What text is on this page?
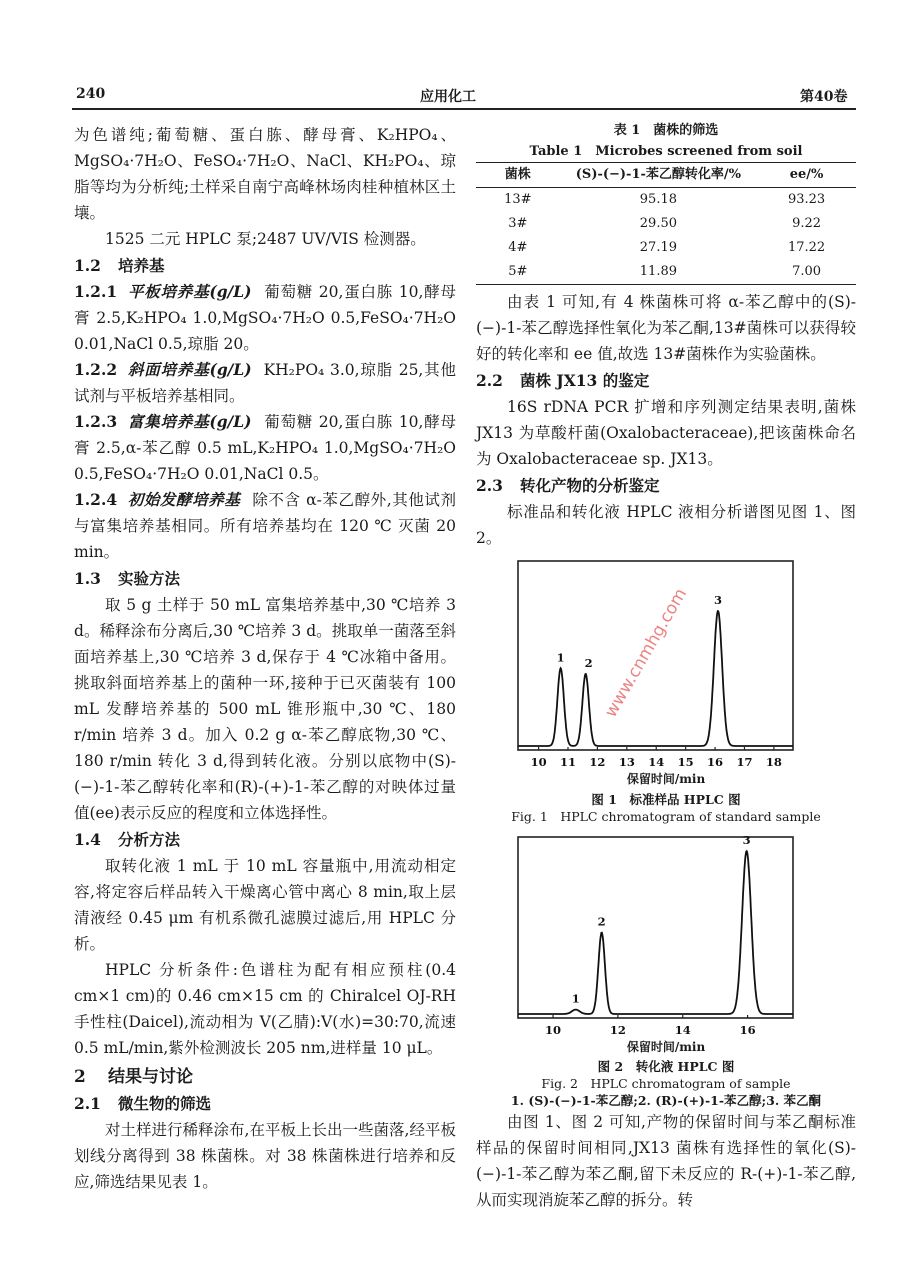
240	应用化工	第40卷

为色谱纯;葡萄糖、蛋白胨、酵母膏、K₂HPO₄、MgSO₄·7H₂O、FeSO₄·7H₂O、NaCl、KH₂PO₄、琼脂等均为分析纯;土样采自南宁高峰林场肉桂种植林区土壤。

1525 二元 HPLC 泵;2487 UV/VIS 检测器。

1.2 培养基

1.2.1 平板培养基(g/L) 葡萄糖 20,蛋白胨 10,酵母膏 2.5,K₂HPO₄ 1.0,MgSO₄·7H₂O 0.5,FeSO₄·7H₂O 0.01,NaCl 0.5,琼脂 20。

1.2.2 斜面培养基(g/L) KH₂PO₄ 3.0,琼脂 25,其他试剂与平板培养基相同。

1.2.3 富集培养基(g/L) 葡萄糖 20,蛋白胨 10,酵母膏 2.5,α-苯乙醇 0.5 mL,K₂HPO₄ 1.0,MgSO₄·7H₂O 0.5,FeSO₄·7H₂O 0.01,NaCl 0.5。

1.2.4 初始发酵培养基 除不含 α-苯乙醇外,其他试剂与富集培养基相同。所有培养基均在 120 ℃ 灭菌 20 min。

1.3 实验方法

取 5 g 土样于 50 mL 富集培养基中,30 ℃培养 3 d。稀释涂布分离后,30 ℃培养 3 d。挑取单一菌落至斜面培养基上,30 ℃培养 3 d,保存于 4 ℃冰箱中备用。挑取斜面培养基上的菌种一环,接种于已灭菌装有 100 mL 发酵培养基的 500 mL 锥形瓶中,30 ℃、180 r/min 培养 3 d。加入 0.2 g α-苯乙醇底物,30 ℃、180 r/min 转化 3 d,得到转化液。分别以底物中(S)-(−)-1-苯乙醇转化率和(R)-(+)-1-苯乙醇的对映体过量值(ee)表示反应的程度和立体选择性。

1.4 分析方法

取转化液 1 mL 于 10 mL 容量瓶中,用流动相定容,将定容后样品转入干燥离心管中离心 8 min,取上层清液经 0.45 μm 有机系微孔滤膜过滤后,用 HPLC 分析。

HPLC 分析条件:色谱柱为配有相应预柱(0.4 cm×1 cm)的 0.46 cm×15 cm 的 Chiralcel OJ-RH 手性柱(Daicel),流动相为 V(乙腈):V(水)=30:70,流速 0.5 mL/min,紫外检测波长 205 nm,进样量 10 μL。

2 结果与讨论
2.1 微生物的筛选

对土样进行稀释涂布,在平板上长出一些菌落,经平板划线分离得到 38 株菌株。对 38 株菌株进行培养和反应,筛选结果见表 1。

表 1　菌株的筛选
Table 1　Microbes screened from soil
菌株	(S)-(−)-1-苯乙醇转化率/%	ee/%
13#	95.18	93.23
3#	29.50	9.22
4#	27.19	17.22
5#	11.89	7.00

由表 1 可知,有 4 株菌株可将 α-苯乙醇中的(S)-(−)-1-苯乙醇选择性氧化为苯乙酮,13#菌株可以获得较好的转化率和 ee 值,故选 13#菌株作为实验菌株。

2.2 菌株 JX13 的鉴定

16S rDNA PCR 扩增和序列测定结果表明,菌株 JX13 为草酸杆菌(Oxalobacteraceae),把该菌株命名为 Oxalobacteraceae sp. JX13。

2.3 转化产物的分析鉴定

标准品和转化液 HPLC 液相分析谱图见图 1、图 2。

10 11 12 13 14 15 16 17 18
1 2
3
www.cnmhg.com
保留时间/min
图 1　标准样品 HPLC 图
Fig. 1　HPLC chromatogram of standard sample
10	12	14	16
1
2
3
保留时间/min
图 2　转化液 HPLC 图
Fig. 2　HPLC chromatogram of sample
1. (S)-(−)-1-苯乙醇;2. (R)-(+)-1-苯乙醇;3. 苯乙酮

由图 1、图 2 可知,产物的保留时间与苯乙酮标准样品的保留时间相同,JX13 菌株有选择性的氧化(S)-(−)-1-苯乙醇为苯乙酮,留下未反应的 R-(+)-1-苯乙醇,从而实现消旋苯乙醇的拆分。转
